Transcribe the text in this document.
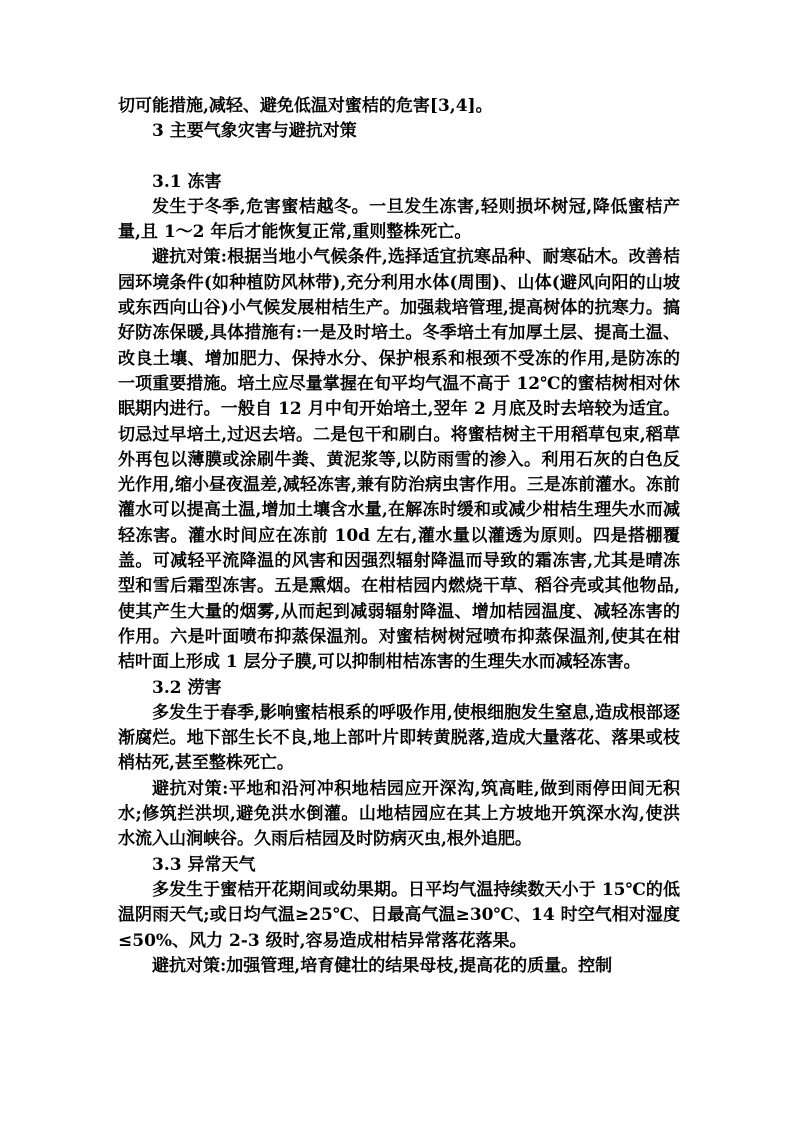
切可能措施,减轻、避免低温对蜜桔的危害[3,4]。

3 主要气象灾害与避抗对策

3.1 冻害

发生于冬季,危害蜜桔越冬。一旦发生冻害,轻则损坏树冠,降低蜜桔产量,且 1～2 年后才能恢复正常,重则整株死亡。

避抗对策:根据当地小气候条件,选择适宜抗寒品种、耐寒砧木。改善桔园环境条件(如种植防风林带),充分利用水体(周围)、山体(避风向阳的山坡或东西向山谷)小气候发展柑桔生产。加强栽培管理,提高树体的抗寒力。搞好防冻保暖,具体措施有:一是及时培土。冬季培土有加厚土层、提高土温、改良土壤、增加肥力、保持水分、保护根系和根颈不受冻的作用,是防冻的一项重要措施。培土应尽量掌握在旬平均气温不高于 12℃的蜜桔树相对休眠期内进行。一般自 12 月中旬开始培土,翌年 2 月底及时去培较为适宜。切忌过早培土,过迟去培。二是包干和刷白。将蜜桔树主干用稻草包束,稻草外再包以薄膜或涂刷牛粪、黄泥浆等,以防雨雪的渗入。利用石灰的白色反光作用,缩小昼夜温差,减轻冻害,兼有防治病虫害作用。三是冻前灌水。冻前灌水可以提高土温,增加土壤含水量,在解冻时缓和或减少柑桔生理失水而减轻冻害。灌水时间应在冻前 10d 左右,灌水量以灌透为原则。四是搭棚覆盖。可减轻平流降温的风害和因强烈辐射降温而导致的霜冻害,尤其是晴冻型和雪后霜型冻害。五是熏烟。在柑桔园内燃烧干草、稻谷壳或其他物品,使其产生大量的烟雾,从而起到减弱辐射降温、增加桔园温度、减轻冻害的作用。六是叶面喷布抑蒸保温剂。对蜜桔树树冠喷布抑蒸保温剂,使其在柑桔叶面上形成 1 层分子膜,可以抑制柑桔冻害的生理失水而减轻冻害。

3.2 涝害

多发生于春季,影响蜜桔根系的呼吸作用,使根细胞发生窒息,造成根部逐渐腐烂。地下部生长不良,地上部叶片即转黄脱落,造成大量落花、落果或枝梢枯死,甚至整株死亡。

避抗对策:平地和沿河冲积地桔园应开深沟,筑高畦,做到雨停田间无积水;修筑拦洪坝,避免洪水倒灌。山地桔园应在其上方坡地开筑深水沟,使洪水流入山涧峡谷。久雨后桔园及时防病灭虫,根外追肥。

3.3 异常天气

多发生于蜜桔开花期间或幼果期。日平均气温持续数天小于 15℃的低温阴雨天气;或日均气温≥25℃、日最高气温≥30℃、14 时空气相对湿度≤50%、风力 2-3 级时,容易造成柑桔异常落花落果。

避抗对策:加强管理,培育健壮的结果母枝,提高花的质量。控制
